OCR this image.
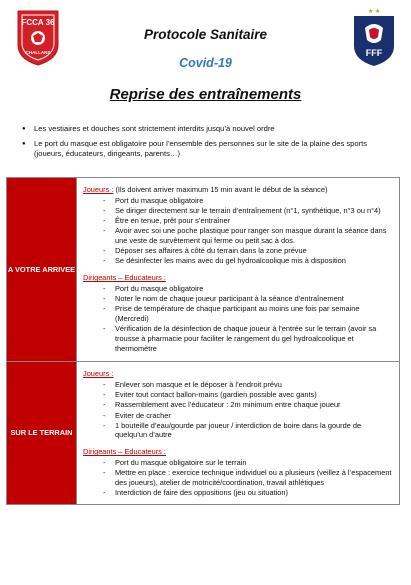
FCCA 36
CHALLANS
★ ★
FFF
Protocole Sanitaire
Covid-19
Reprise des entraînements
● Les vestiaires et douches sont strictement interdits jusqu’à nouvel ordre
● Le port du masque est obligatoire pour l’ensemble des personnes sur le site de la plaine des sports (joueurs, éducateurs, dirigeants, parents…)
A VOTRE ARRIVEE
Joueurs : (Ils doivent arriver maximum 15 min avant le début de la séance)
- Port du masque obligatoire
- Se diriger directement sur le terrain d’entraînement (n°1, synthétique, n°3 ou n°4)
- Être en tenue, prêt pour s’entraîner
- Avoir avec soi une poche plastique pour ranger son masque durant la séance dans une veste de survêtement qui ferme ou petit sac à dos.
- Déposer ses affaires à côté du terrain dans la zone prévue
- Se désinfecter les mains avec du gel hydroalcoolique mis à disposition
Dirigeants – Educateurs :
- Port du masque obligatoire
- Noter le nom de chaque joueur participant à la séance d’entraînement
- Prise de température de chaque participant au moins une fois par semaine (Mercredi)
- Vérification de la désinfection de chaque joueur à l’entrée sur le terrain (avoir sa trousse à pharmacie pour faciliter le rangement du gel hydroalcoolique et thermomètre
SUR LE TERRAIN
Joueurs :
- Enlever son masque et le déposer à l’endroit prévu
- Eviter tout contact ballon-mains (gardien possible avec gants)
- Rassemblement avec l’éducateur : 2m minimum entre chaque joueur
- Eviter de cracher
- 1 bouteille d’eau/gourde par joueur / interdiction de boire dans la gourde de quelqu’un d’autre
Dirigeants – Educateurs :
- Port du masque obligatoire sur le terrain
- Mettre en place : exercice technique individuel ou a plusieurs (veillez à l’espacement des joueurs), atelier de motricité/coordination, travail athlétiques
- Interdiction de faire des oppositions (jeu ou situation)
